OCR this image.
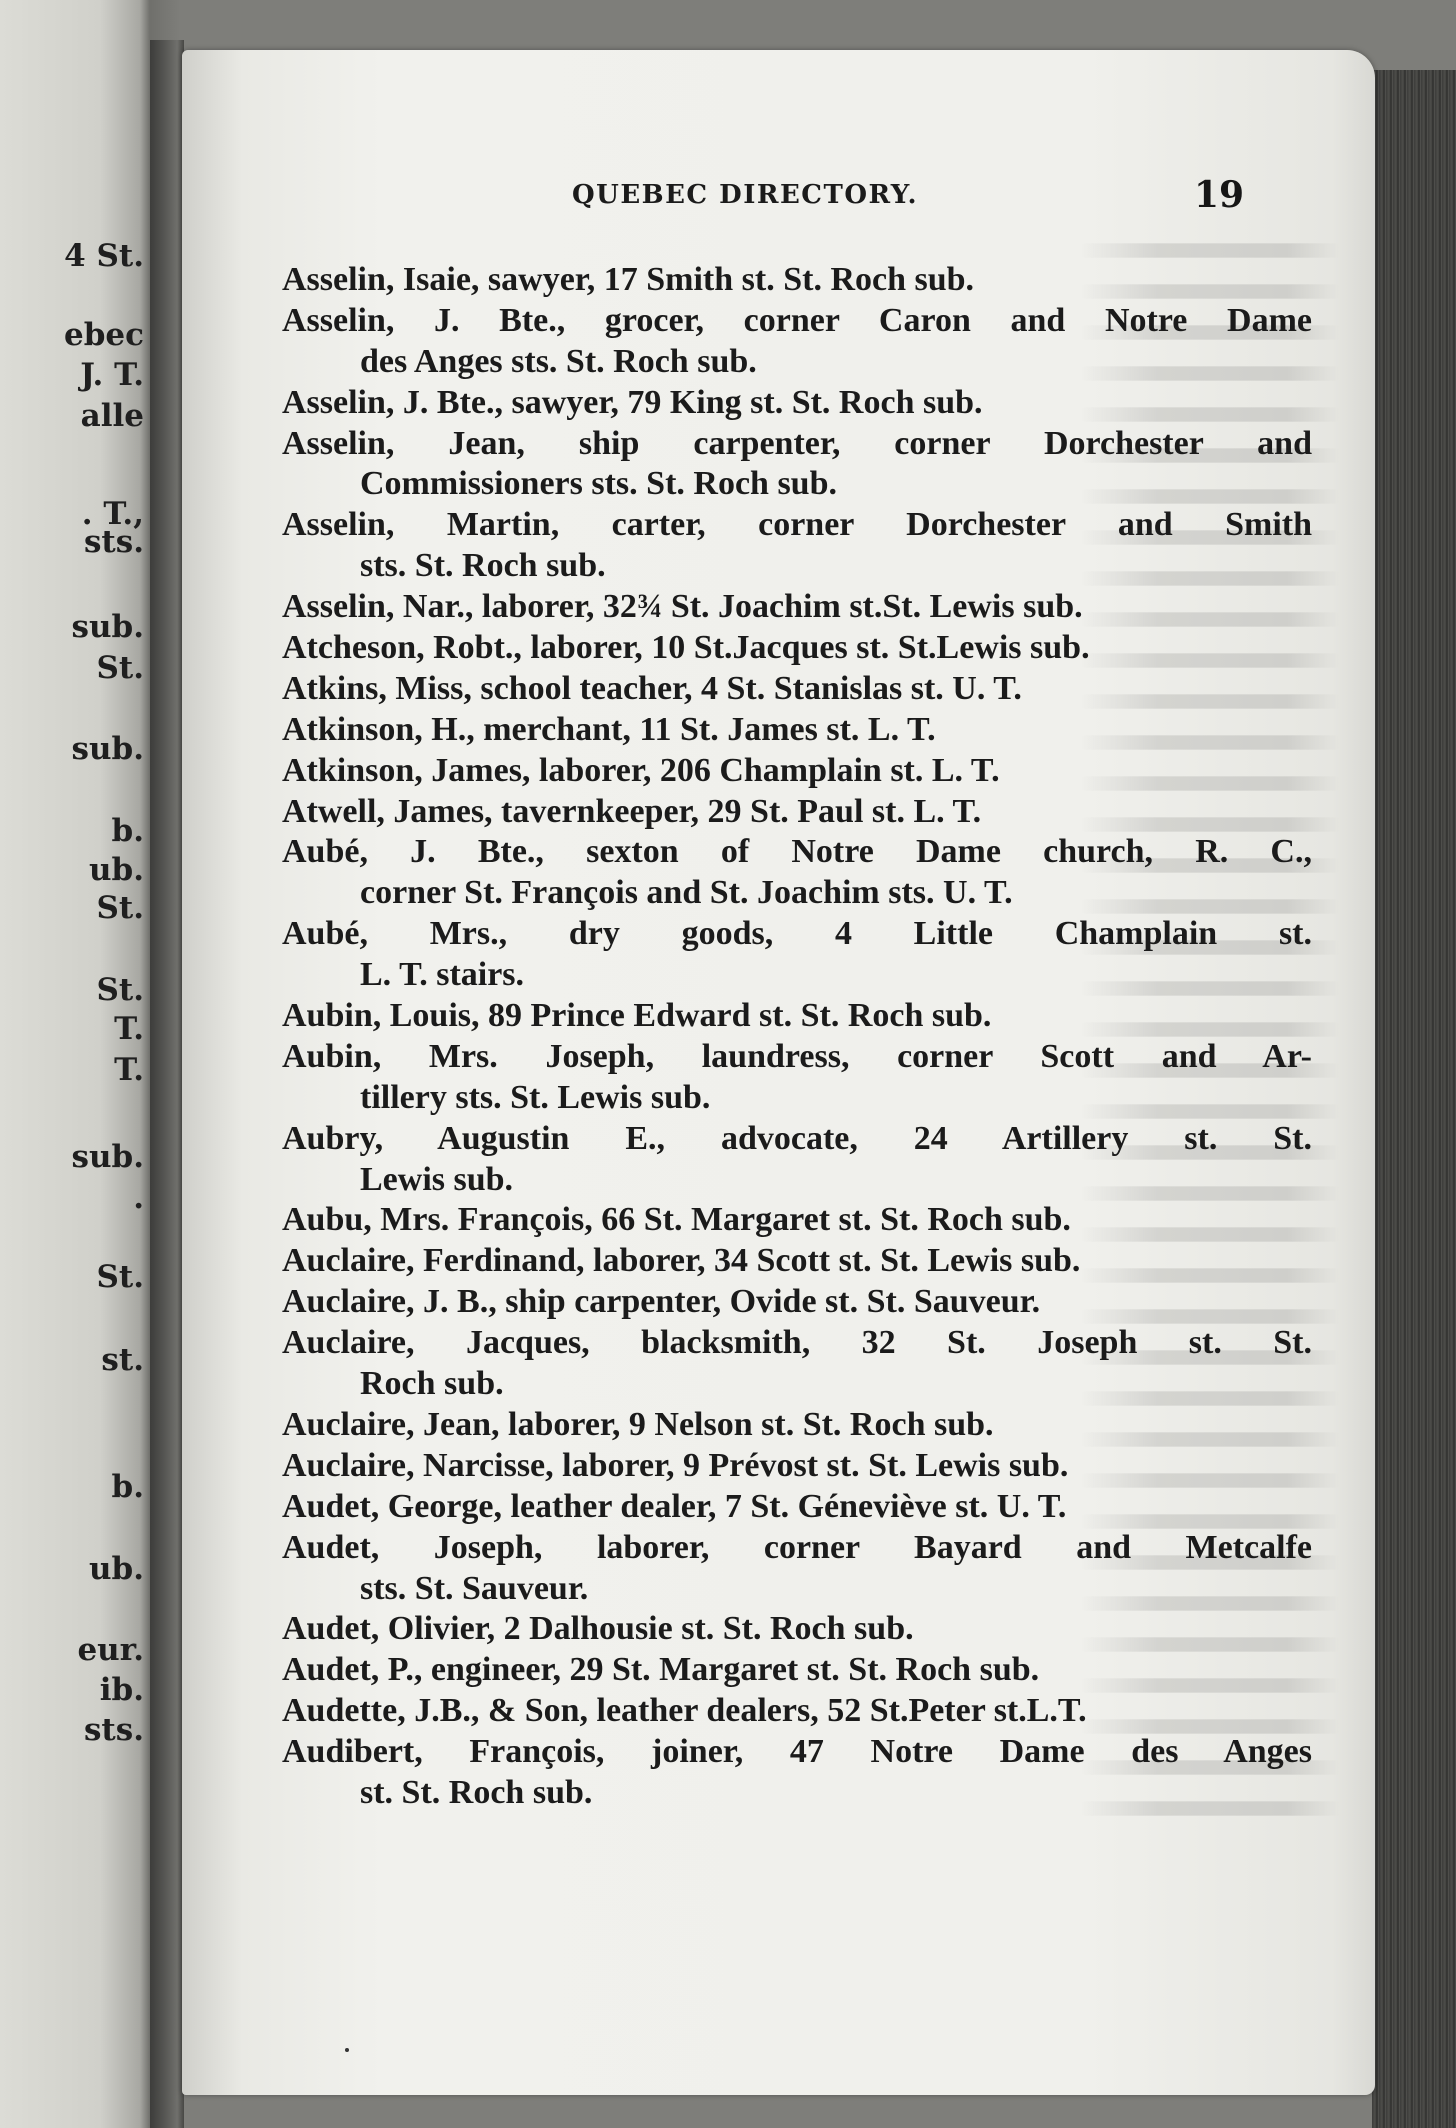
4 St.
ebec
J. T.
alle
. T.,
sts.
sub.
St.
sub.
b.
ub.
St.
St.
T.
T.
sub.
.
St.
st.
b.
ub.
eur.
ib.
sts.
QUEBEC DIRECTORY.	19
Asselin, Isaie, sawyer, 17 Smith st. St. Roch sub.
Asselin, J. Bte., grocer, corner Caron and Notre Dame
des Anges sts. St. Roch sub.
Asselin, J. Bte., sawyer, 79 King st. St. Roch sub.
Asselin, Jean, ship carpenter, corner Dorchester and
Commissioners sts. St. Roch sub.
Asselin, Martin, carter, corner Dorchester and Smith
sts. St. Roch sub.
Asselin, Nar., laborer, 32¾ St. Joachim st.St. Lewis sub.
Atcheson, Robt., laborer, 10 St.Jacques st. St.Lewis sub.
Atkins, Miss, school teacher, 4 St. Stanislas st. U. T.
Atkinson, H., merchant, 11 St. James st. L. T.
Atkinson, James, laborer, 206 Champlain st. L. T.
Atwell, James, tavernkeeper, 29 St. Paul st. L. T.
Aubé, J. Bte., sexton of Notre Dame church, R. C.,
corner St. François and St. Joachim sts. U. T.
Aubé, Mrs., dry goods, 4 Little Champlain st.
L. T. stairs.
Aubin, Louis, 89 Prince Edward st. St. Roch sub.
Aubin, Mrs. Joseph, laundress, corner Scott and Ar-
tillery sts. St. Lewis sub.
Aubry, Augustin E., advocate, 24 Artillery st. St.
Lewis sub.
Aubu, Mrs. François, 66 St. Margaret st. St. Roch sub.
Auclaire, Ferdinand, laborer, 34 Scott st. St. Lewis sub.
Auclaire, J. B., ship carpenter, Ovide st. St. Sauveur.
Auclaire, Jacques, blacksmith, 32 St. Joseph st. St.
Roch sub.
Auclaire, Jean, laborer, 9 Nelson st. St. Roch sub.
Auclaire, Narcisse, laborer, 9 Prévost st. St. Lewis sub.
Audet, George, leather dealer, 7 St. Géneviève st. U. T.
Audet, Joseph, laborer, corner Bayard and Metcalfe
sts. St. Sauveur.
Audet, Olivier, 2 Dalhousie st. St. Roch sub.
Audet, P., engineer, 29 St. Margaret st. St. Roch sub.
Audette, J.B., & Son, leather dealers, 52 St.Peter st.L.T.
Audibert, François, joiner, 47 Notre Dame des Anges
st. St. Roch sub.
